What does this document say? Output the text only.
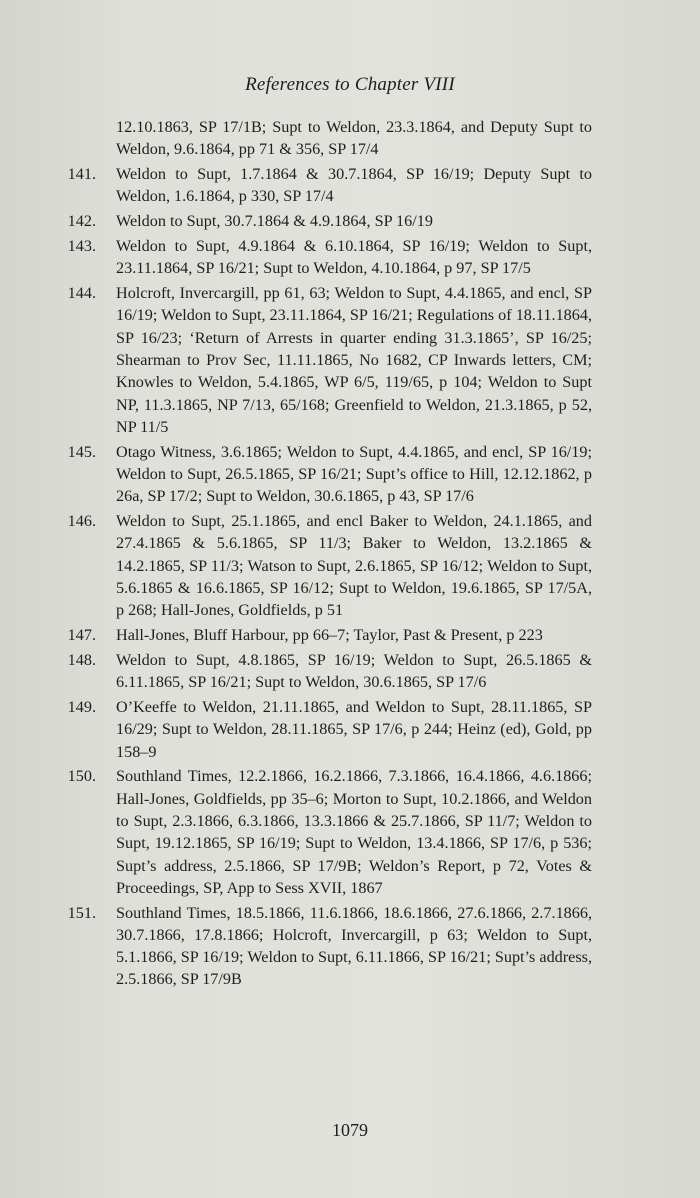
References to Chapter VIII
12.10.1863, SP 17/1B; Supt to Weldon, 23.3.1864, and Deputy Supt to Weldon, 9.6.1864, pp 71 & 356, SP 17/4
141. Weldon to Supt, 1.7.1864 & 30.7.1864, SP 16/19; Deputy Supt to Weldon, 1.6.1864, p 330, SP 17/4
142. Weldon to Supt, 30.7.1864 & 4.9.1864, SP 16/19
143. Weldon to Supt, 4.9.1864 & 6.10.1864, SP 16/19; Weldon to Supt, 23.11.1864, SP 16/21; Supt to Weldon, 4.10.1864, p 97, SP 17/5
144. Holcroft, Invercargill, pp 61, 63; Weldon to Supt, 4.4.1865, and encl, SP 16/19; Weldon to Supt, 23.11.1864, SP 16/21; Regulations of 18.11.1864, SP 16/23; ‘Return of Arrests in quarter ending 31.3.1865’, SP 16/25; Shearman to Prov Sec, 11.11.1865, No 1682, CP Inwards letters, CM; Knowles to Weldon, 5.4.1865, WP 6/5, 119/65, p 104; Weldon to Supt NP, 11.3.1865, NP 7/13, 65/168; Greenfield to Weldon, 21.3.1865, p 52, NP 11/5
145. Otago Witness, 3.6.1865; Weldon to Supt, 4.4.1865, and encl, SP 16/19; Weldon to Supt, 26.5.1865, SP 16/21; Supt’s office to Hill, 12.12.1862, p 26a, SP 17/2; Supt to Weldon, 30.6.1865, p 43, SP 17/6
146. Weldon to Supt, 25.1.1865, and encl Baker to Weldon, 24.1.1865, and 27.4.1865 & 5.6.1865, SP 11/3; Baker to Weldon, 13.2.1865 & 14.2.1865, SP 11/3; Watson to Supt, 2.6.1865, SP 16/12; Weldon to Supt, 5.6.1865 & 16.6.1865, SP 16/12; Supt to Weldon, 19.6.1865, SP 17/5A, p 268; Hall-Jones, Goldfields, p 51
147. Hall-Jones, Bluff Harbour, pp 66–7; Taylor, Past & Present, p 223
148. Weldon to Supt, 4.8.1865, SP 16/19; Weldon to Supt, 26.5.1865 & 6.11.1865, SP 16/21; Supt to Weldon, 30.6.1865, SP 17/6
149. O’Keeffe to Weldon, 21.11.1865, and Weldon to Supt, 28.11.1865, SP 16/29; Supt to Weldon, 28.11.1865, SP 17/6, p 244; Heinz (ed), Gold, pp 158–9
150. Southland Times, 12.2.1866, 16.2.1866, 7.3.1866, 16.4.1866, 4.6.1866; Hall-Jones, Goldfields, pp 35–6; Morton to Supt, 10.2.1866, and Weldon to Supt, 2.3.1866, 6.3.1866, 13.3.1866 & 25.7.1866, SP 11/7; Weldon to Supt, 19.12.1865, SP 16/19; Supt to Weldon, 13.4.1866, SP 17/6, p 536; Supt’s address, 2.5.1866, SP 17/9B; Weldon’s Report, p 72, Votes & Proceedings, SP, App to Sess XVII, 1867
151. Southland Times, 18.5.1866, 11.6.1866, 18.6.1866, 27.6.1866, 2.7.1866, 30.7.1866, 17.8.1866; Holcroft, Invercargill, p 63; Weldon to Supt, 5.1.1866, SP 16/19; Weldon to Supt, 6.11.1866, SP 16/21; Supt’s address, 2.5.1866, SP 17/9B
1079
